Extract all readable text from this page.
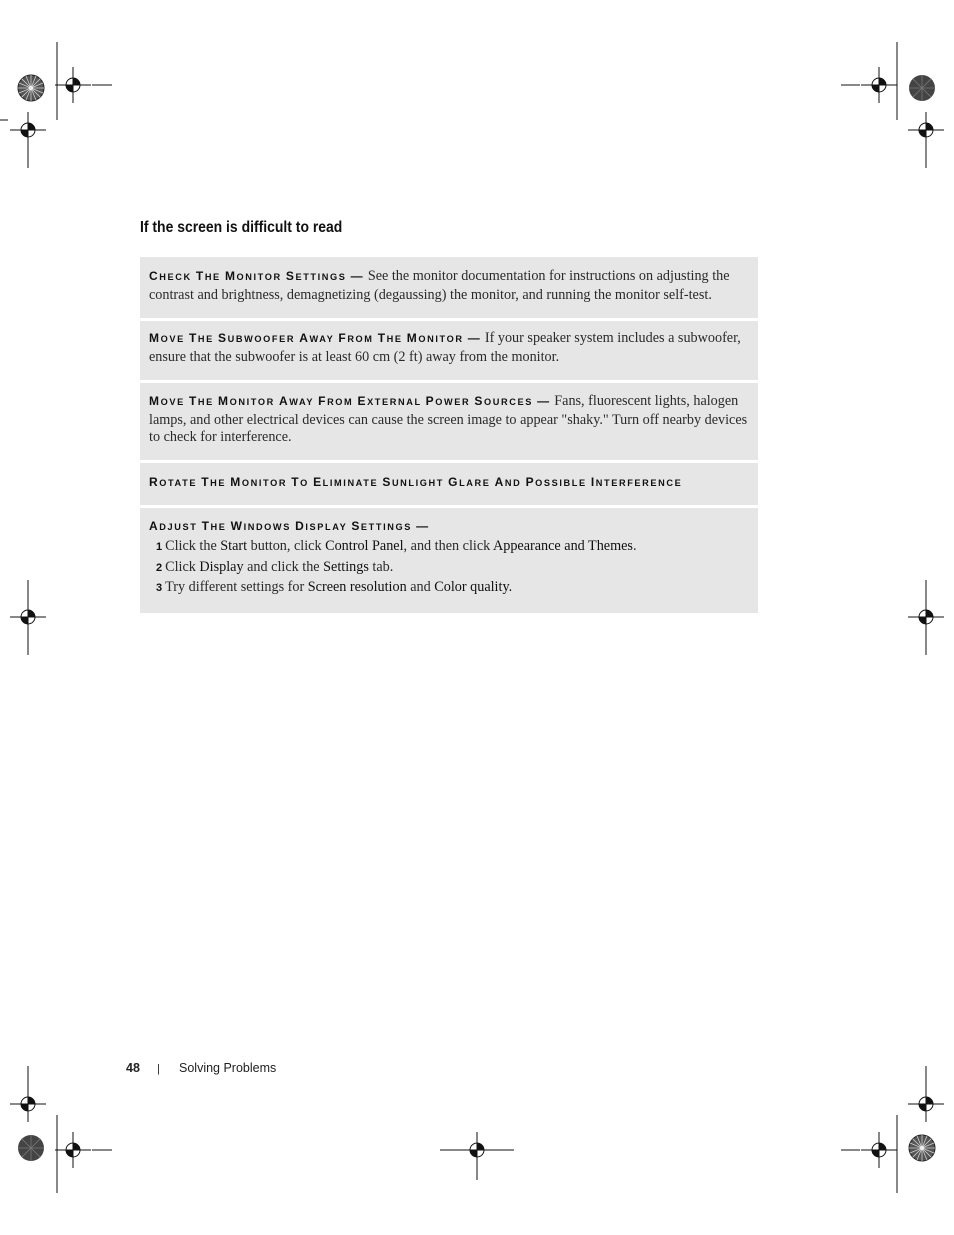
If the screen is difficult to read
CHECK THE MONITOR SETTINGS — See the monitor documentation for instructions on adjusting the contrast and brightness, demagnetizing (degaussing) the monitor, and running the monitor self-test.
MOVE THE SUBWOOFER AWAY FROM THE MONITOR — If your speaker system includes a subwoofer, ensure that the subwoofer is at least 60 cm (2 ft) away from the monitor.
MOVE THE MONITOR AWAY FROM EXTERNAL POWER SOURCES — Fans, fluorescent lights, halogen lamps, and other electrical devices can cause the screen image to appear "shaky." Turn off nearby devices to check for interference.
ROTATE THE MONITOR TO ELIMINATE SUNLIGHT GLARE AND POSSIBLE INTERFERENCE
ADJUST THE WINDOWS DISPLAY SETTINGS —
1 Click the Start button, click Control Panel, and then click Appearance and Themes.
2 Click Display and click the Settings tab.
3 Try different settings for Screen resolution and Color quality.
48 | Solving Problems
